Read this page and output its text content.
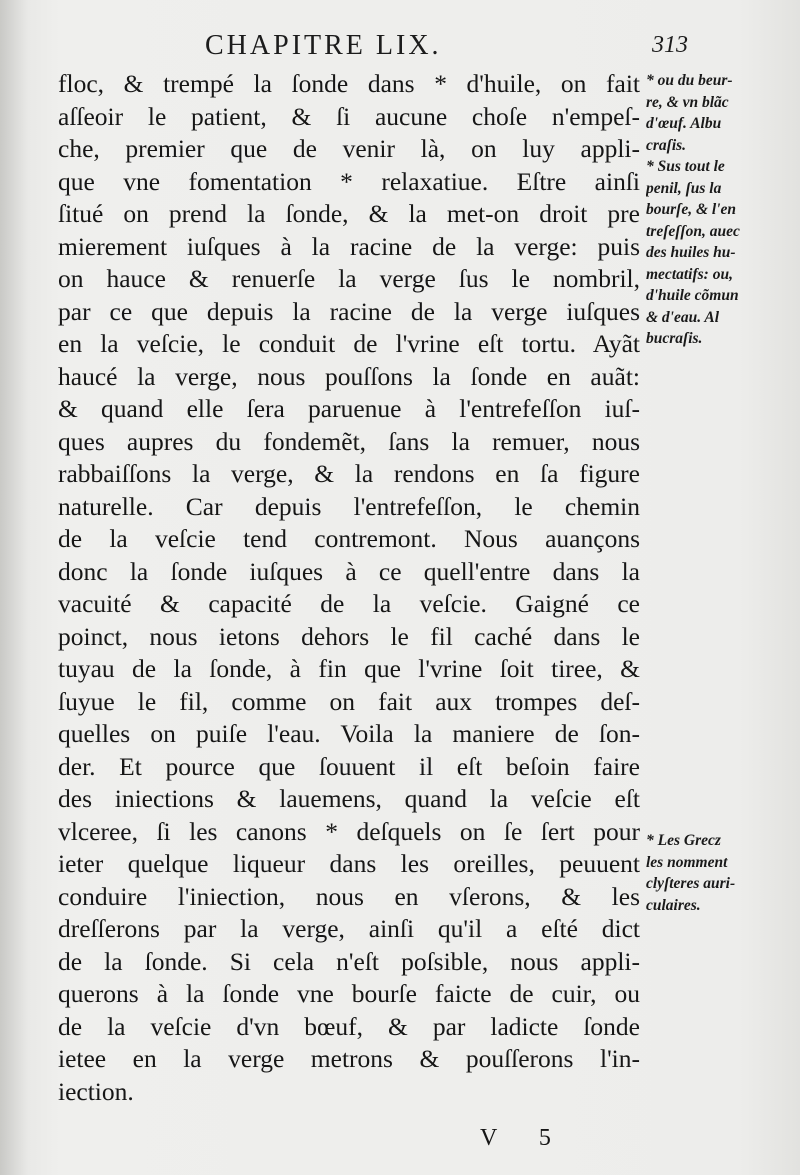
CHAPITRE LIX.	313
floc, & trempé la ſonde dans * d'huile, on fait
aſſeoir le patient, & ſi aucune choſe n'empeſ-
che, premier que de venir là, on luy appli-
que vne fomentation * relaxatiue. Eſtre ainſi
ſitué on prend la ſonde, & la met-on droit pre
mierement iuſques à la racine de la verge: puis
on hauce & renuerſe la verge ſus le nombril,
par ce que depuis la racine de la verge iuſques
en la veſcie, le conduit de l'vrine eſt tortu. Ayãt
haucé la verge, nous pouſſons la ſonde en auãt:
& quand elle ſera paruenue à l'entrefeſſon iuſ-
ques aupres du fondemẽt, ſans la remuer, nous
rabbaiſſons la verge, & la rendons en ſa figure
naturelle. Car depuis l'entrefeſſon, le chemin
de la veſcie tend contremont. Nous auançons
donc la ſonde iuſques à ce quell'entre dans la
vacuité & capacité de la veſcie. Gaigné ce
poinct, nous ietons dehors le fil caché dans le
tuyau de la ſonde, à fin que l'vrine ſoit tiree, &
ſuyue le fil, comme on fait aux trompes deſ-
quelles on puiſe l'eau. Voila la maniere de ſon-
der. Et pource que ſouuent il eſt beſoin faire
des iniections & lauemens, quand la veſcie eſt
vlceree, ſi les canons * deſquels on ſe ſert pour
ieter quelque liqueur dans les oreilles, peuuent
conduire l'iniection, nous en vſerons, & les
dreſſerons par la verge, ainſi qu'il a eſté dict
de la ſonde. Si cela n'eſt poſsible, nous appli-
querons à la ſonde vne bourſe faicte de cuir, ou
de la veſcie d'vn bœuf, & par ladicte ſonde
ietee en la verge metrons & pouſſerons l'in-
iection.
* ou du beur-
re, & vn blãc
d'œuf. Albu
craſis.
* Sus tout le
penil, ſus la
bourſe, & l'en
treſeſſon, auec
des huiles hu-
mectatifs: ou,
d'huile cõmun
& d'eau. Al
bucraſis.
* Les Grecz
les nomment
clyſteres auri-
culaires.
V 5
